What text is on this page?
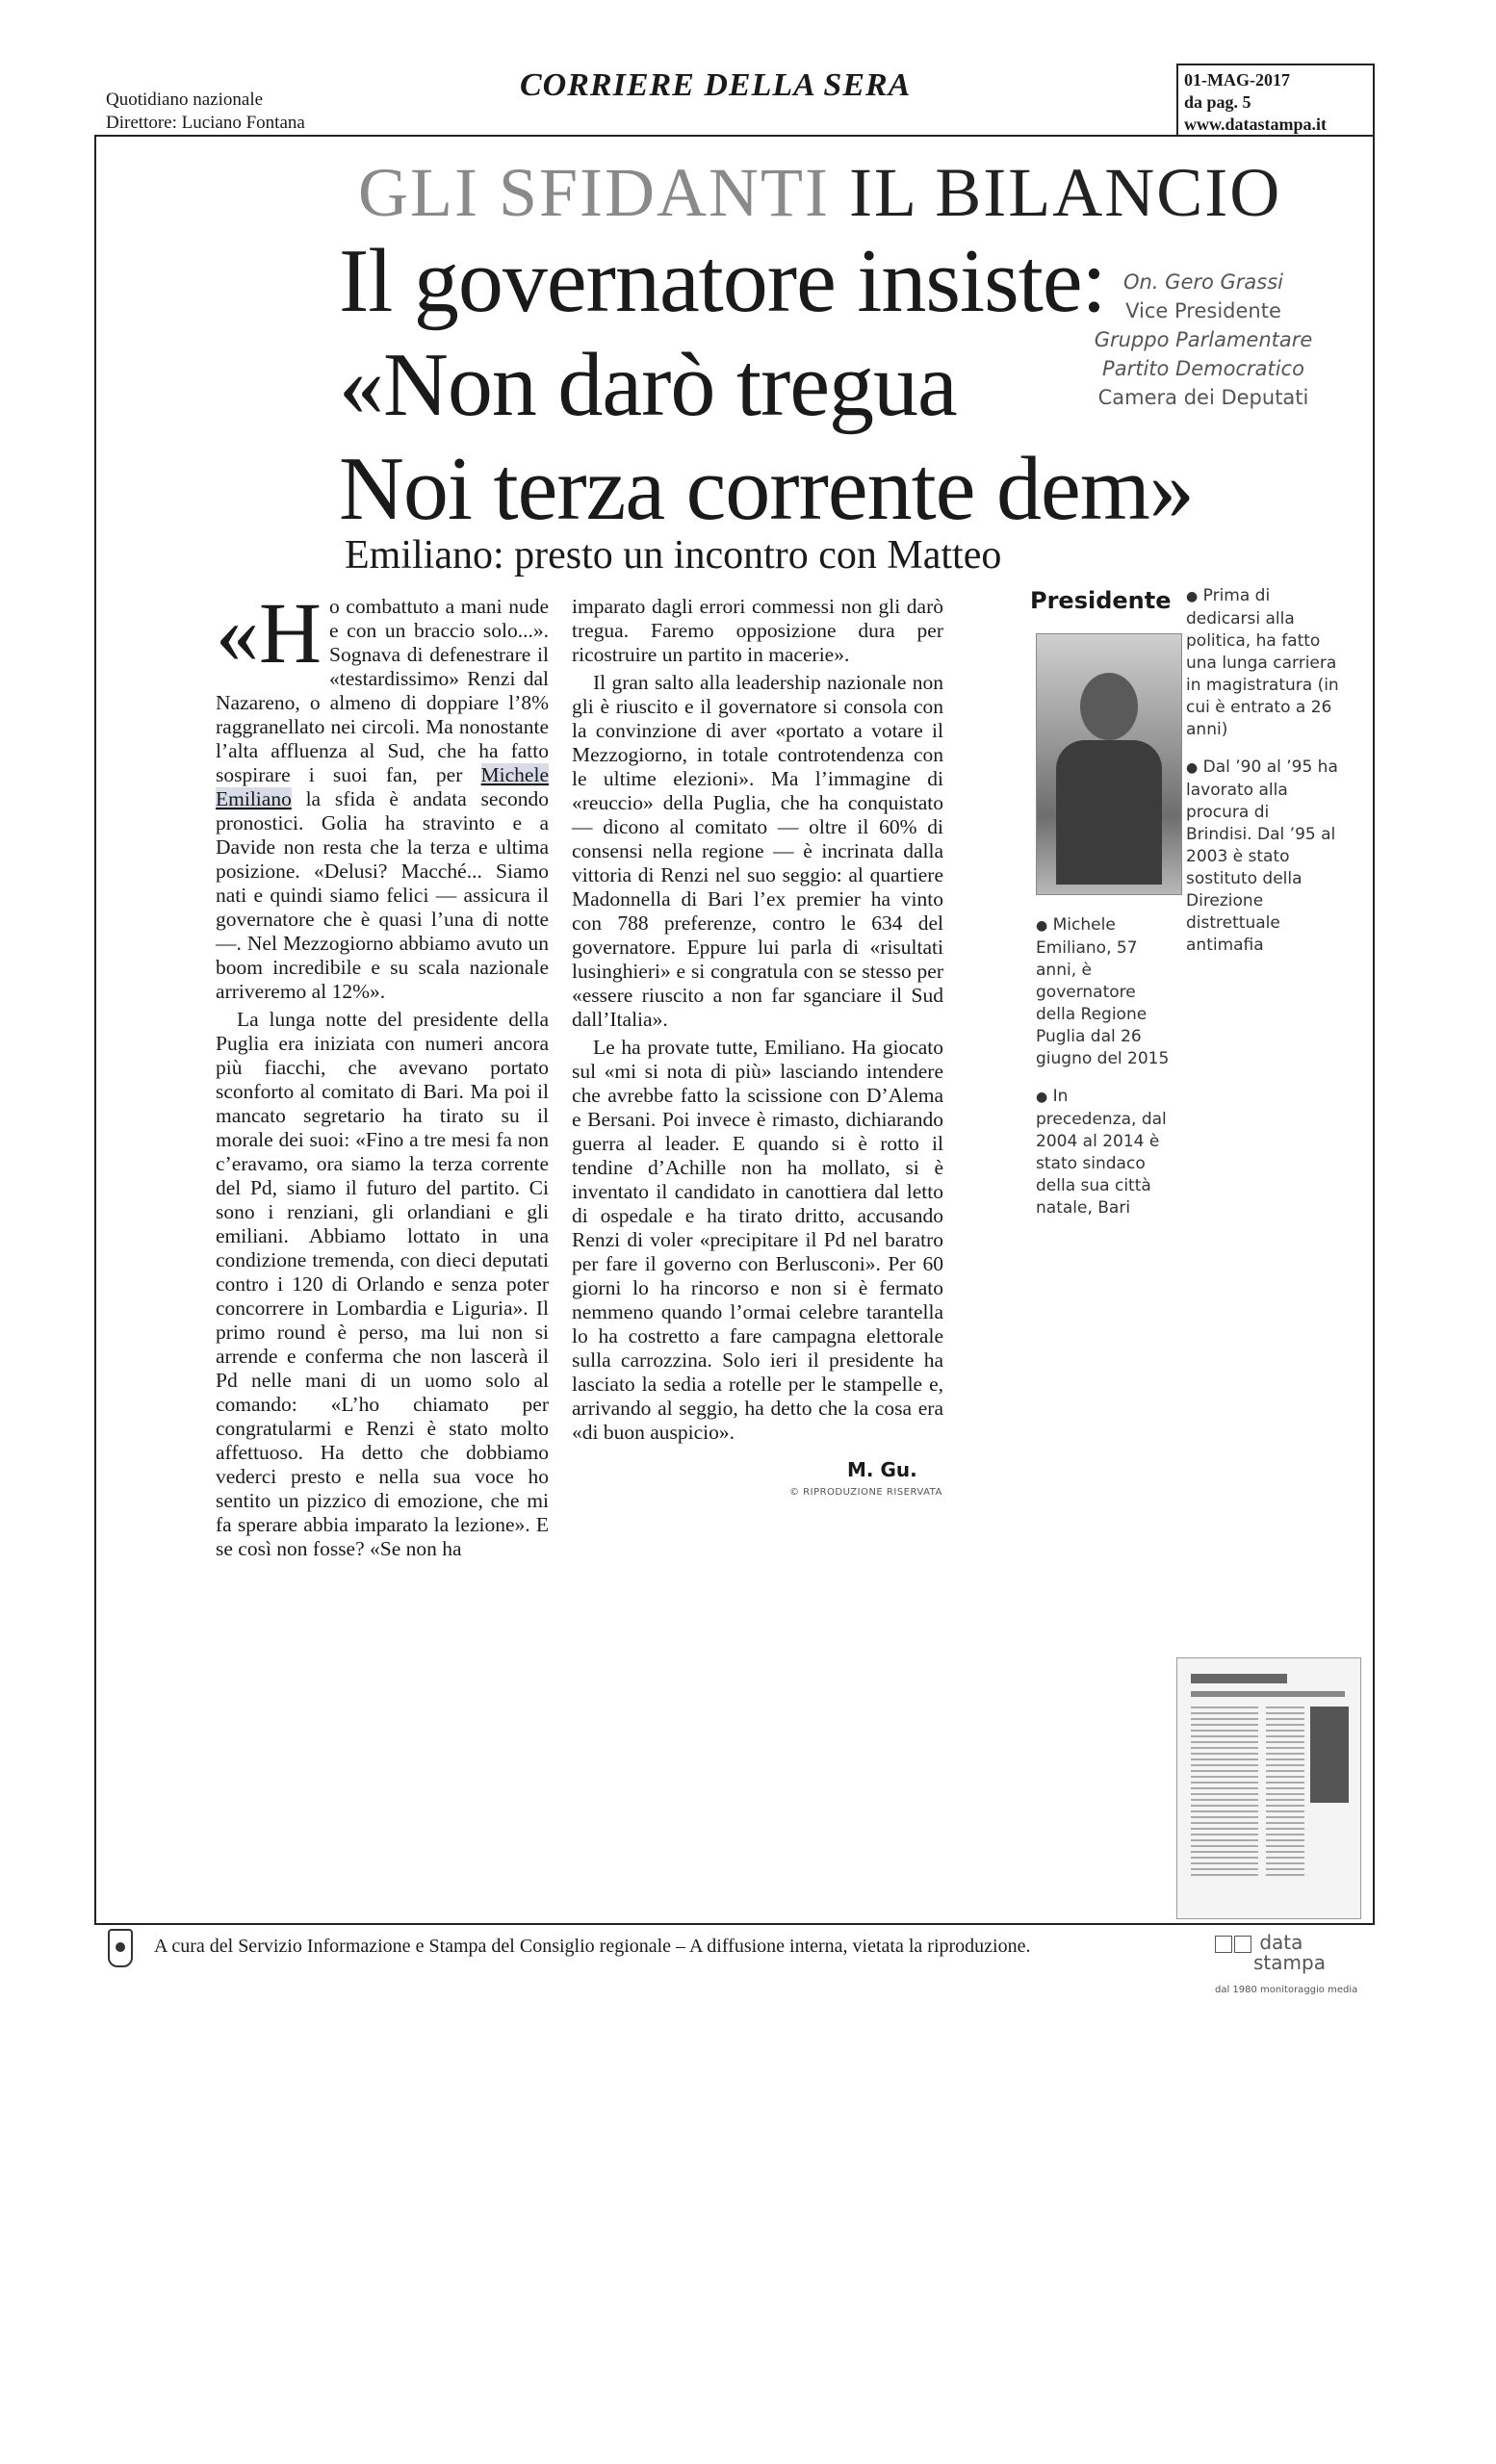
Quotidiano nazionale
Direttore: Luciano Fontana
CORRIERE DELLA SERA	01-MAG-2017
da pag. 5
www.datastampa.it
GLI SFIDANTI IL BILANCIO
Il governatore insiste:
«Non darò tregua
Noi terza corrente dem»
Emiliano: presto un incontro con Matteo
On. Gero Grassi
Vice Presidente
Gruppo Parlamentare Partito Democratico
Camera dei Deputati

«Ho combattuto a mani nude e con un braccio solo...». Sognava di defenestrare il «testardissimo» Renzi dal Nazareno, o almeno di doppiare l’8% raggranellato nei circoli. Ma nonostante l’alta affluenza al Sud, che ha fatto sospirare i suoi fan, per Michele Emiliano la sfida è andata secondo pronostici. Golia ha stravinto e a Davide non resta che la terza e ultima posizione. «Delusi? Macché... Siamo nati e quindi siamo felici — assicura il governatore che è quasi l’una di notte —. Nel Mezzogiorno abbiamo avuto un boom incredibile e su scala nazionale arriveremo al 12%».

La lunga notte del presidente della Puglia era iniziata con numeri ancora più fiacchi, che avevano portato sconforto al comitato di Bari. Ma poi il mancato segretario ha tirato su il morale dei suoi: «Fino a tre mesi fa non c’eravamo, ora siamo la terza corrente del Pd, siamo il futuro del partito. Ci sono i renziani, gli orlandiani e gli emiliani. Abbiamo lottato in una condizione tremenda, con dieci deputati contro i 120 di Orlando e senza poter concorrere in Lombardia e Liguria». Il primo round è perso, ma lui non si arrende e conferma che non lascerà il Pd nelle mani di un uomo solo al comando: «L’ho chiamato per congratularmi e Renzi è stato molto affettuoso. Ha detto che dobbiamo vederci presto e nella sua voce ho sentito un pizzico di emozione, che mi fa sperare abbia imparato la lezione». E se così non fosse? «Se non ha

imparato dagli errori commessi non gli darò tregua. Faremo opposizione dura per ricostruire un partito in macerie».

Il gran salto alla leadership nazionale non gli è riuscito e il governatore si consola con la convinzione di aver «portato a votare il Mezzogiorno, in totale controtendenza con le ultime elezioni». Ma l’immagine di «reuccio» della Puglia, che ha conquistato — dicono al comitato — oltre il 60% di consensi nella regione — è incrinata dalla vittoria di Renzi nel suo seggio: al quartiere Madonnella di Bari l’ex premier ha vinto con 788 preferenze, contro le 634 del governatore. Eppure lui parla di «risultati lusinghieri» e si congratula con se stesso per «essere riuscito a non far sganciare il Sud dall’Italia».

Le ha provate tutte, Emiliano. Ha giocato sul «mi si nota di più» lasciando intendere che avrebbe fatto la scissione con D’Alema e Bersani. Poi invece è rimasto, dichiarando guerra al leader. E quando si è rotto il tendine d’Achille non ha mollato, si è inventato il candidato in canottiera dal letto di ospedale e ha tirato dritto, accusando Renzi di voler «precipitare il Pd nel baratro per fare il governo con Berlusconi». Per 60 giorni lo ha rincorso e non si è fermato nemmeno quando l’ormai celebre tarantella lo ha costretto a fare campagna elettorale sulla carrozzina. Solo ieri il presidente ha lasciato la sedia a rotelle per le stampelle e, arrivando al seggio, ha detto che la cosa era «di buon auspicio».

M. Gu.
© RIPRODUZIONE RISERVATA
Presidente

● Michele Emiliano, 57 anni, è governatore della Regione Puglia dal 26 giugno del 2015

● In precedenza, dal 2004 al 2014 è stato sindaco della sua città natale, Bari

● Prima di dedicarsi alla politica, ha fatto una lunga carriera in magistratura (in cui è entrato a 26 anni)

● Dal ’90 al ’95 ha lavorato alla procura di Brindisi. Dal ’95 al 2003 è stato sostituto della Direzione distrettuale antimafia

A cura del Servizio Informazione e Stampa del Consiglio regionale – A diffusione interna, vietata la riproduzione.	data
stampa
dal 1980 monitoraggio media
